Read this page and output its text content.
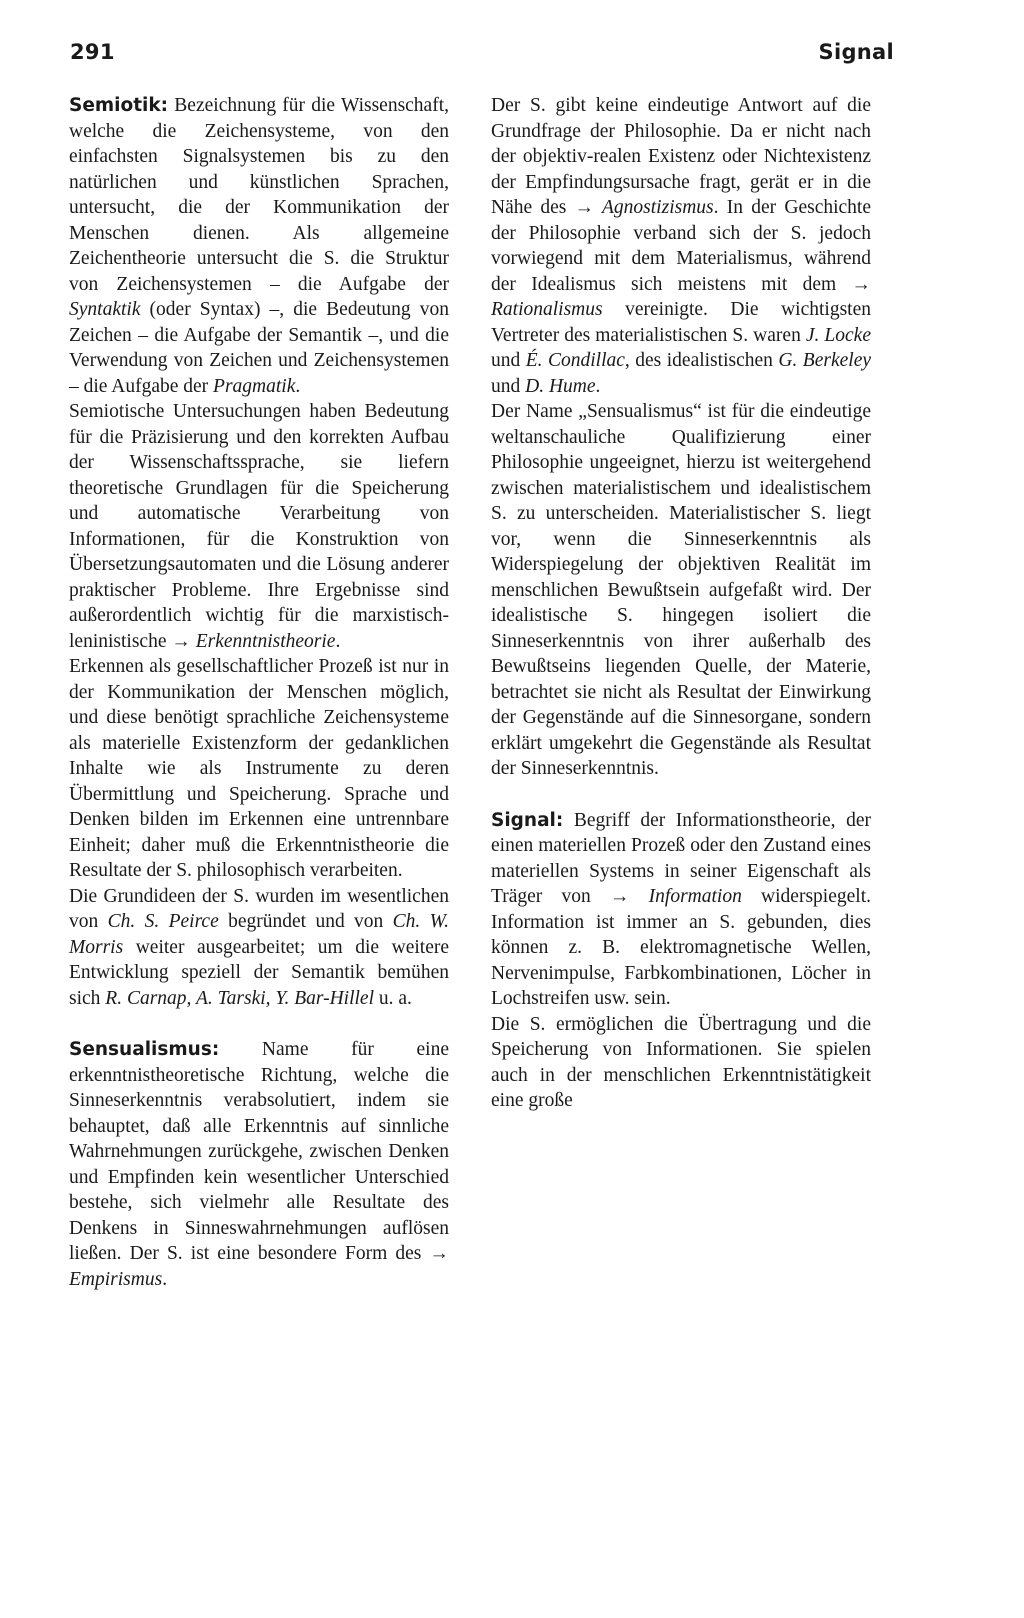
291	Signal

Semiotik: Bezeichnung für die Wissenschaft, welche die Zeichensysteme, von den einfachsten Signalsystemen bis zu den natürlichen und künstlichen Sprachen, untersucht, die der Kommunikation der Menschen dienen. Als allgemeine Zeichentheorie untersucht die S. die Struktur von Zeichensystemen – die Aufgabe der Syntaktik (oder Syntax) –, die Bedeutung von Zeichen – die Aufgabe der Semantik –, und die Verwendung von Zeichen und Zeichensystemen – die Aufgabe der Pragmatik.

Semiotische Untersuchungen haben Bedeutung für die Präzisierung und den korrekten Aufbau der Wissenschaftssprache, sie liefern theoretische Grundlagen für die Speicherung und automatische Verarbeitung von Informationen, für die Konstruktion von Übersetzungsautomaten und die Lösung anderer praktischer Probleme. Ihre Ergebnisse sind außerordentlich wichtig für die marxistisch-leninistische → Erkenntnistheorie.

Erkennen als gesellschaftlicher Prozeß ist nur in der Kommunikation der Menschen möglich, und diese benötigt sprachliche Zeichensysteme als materielle Existenzform der gedanklichen Inhalte wie als Instrumente zu deren Übermittlung und Speicherung. Sprache und Denken bilden im Erkennen eine untrennbare Einheit; daher muß die Erkenntnistheorie die Resultate der S. philosophisch verarbeiten.

Die Grundideen der S. wurden im wesentlichen von Ch. S. Peirce begründet und von Ch. W. Morris weiter ausgearbeitet; um die weitere Entwicklung speziell der Semantik bemühen sich R. Carnap, A. Tarski, Y. Bar-Hillel u. a.

Sensualismus: Name für eine erkenntnistheoretische Richtung, welche die Sinneserkenntnis verabsolutiert, indem sie behauptet, daß alle Erkenntnis auf sinnliche Wahrnehmungen zurückgehe, zwischen Denken und Empfinden kein wesentlicher Unterschied bestehe, sich vielmehr alle Resultate des Denkens in Sinneswahrnehmungen auflösen ließen. Der S. ist eine besondere Form des → Empirismus.

Der S. gibt keine eindeutige Antwort auf die Grundfrage der Philosophie. Da er nicht nach der objektiv-realen Existenz oder Nichtexistenz der Empfindungsursache fragt, gerät er in die Nähe des → Agnostizismus. In der Geschichte der Philosophie verband sich der S. jedoch vorwiegend mit dem Materialismus, während der Idealismus sich meistens mit dem → Rationalismus vereinigte. Die wichtigsten Vertreter des materialistischen S. waren J. Locke und É. Condillac, des idealistischen G. Berkeley und D. Hume.

Der Name „Sensualismus“ ist für die eindeutige weltanschauliche Qualifizierung einer Philosophie ungeeignet, hierzu ist weitergehend zwischen materialistischem und idealistischem S. zu unterscheiden. Materialistischer S. liegt vor, wenn die Sinneserkenntnis als Widerspiegelung der objektiven Realität im menschlichen Bewußtsein aufgefaßt wird. Der idealistische S. hingegen isoliert die Sinneserkenntnis von ihrer außerhalb des Bewußtseins liegenden Quelle, der Materie, betrachtet sie nicht als Resultat der Einwirkung der Gegenstände auf die Sinnesorgane, sondern erklärt umgekehrt die Gegenstände als Resultat der Sinneserkenntnis.

Signal: Begriff der Informationstheorie, der einen materiellen Prozeß oder den Zustand eines materiellen Systems in seiner Eigenschaft als Träger von → Information widerspiegelt. Information ist immer an S. gebunden, dies können z. B. elektromagnetische Wellen, Nervenimpulse, Farbkombinationen, Löcher in Lochstreifen usw. sein.

Die S. ermöglichen die Übertragung und die Speicherung von Informationen. Sie spielen auch in der menschlichen Erkenntnistätigkeit eine große
